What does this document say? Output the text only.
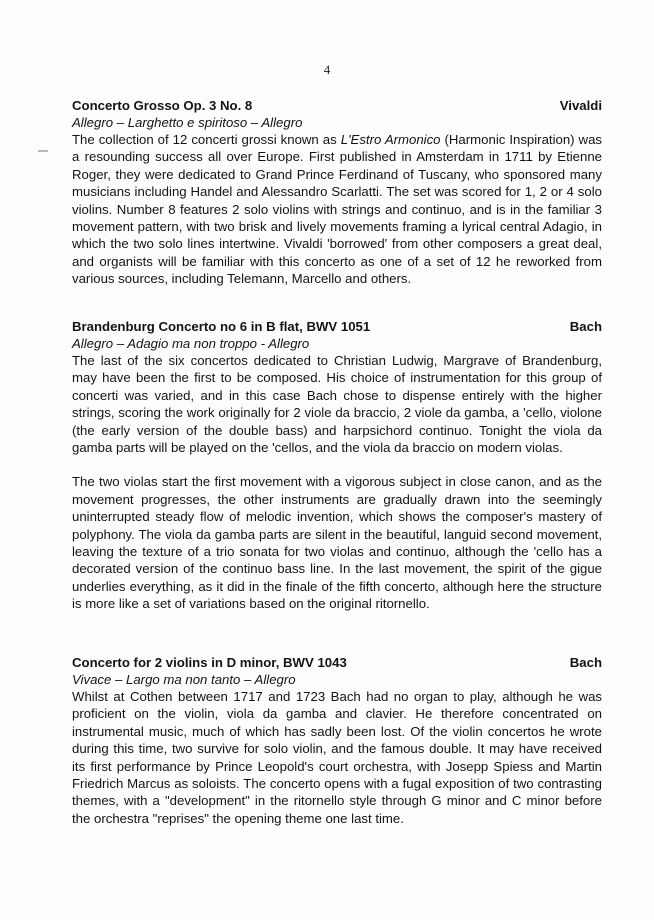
4
Concerto Grosso Op. 3 No. 8	Vivaldi
Allegro – Larghetto e spiritoso – Allegro

The collection of 12 concerti grossi known as L'Estro Armonico (Harmonic Inspiration) was a resounding success all over Europe. First published in Amsterdam in 1711 by Etienne Roger, they were dedicated to Grand Prince Ferdinand of Tuscany, who sponsored many musicians including Handel and Alessandro Scarlatti. The set was scored for 1, 2 or 4 solo violins. Number 8 features 2 solo violins with strings and continuo, and is in the familiar 3 movement pattern, with two brisk and lively movements framing a lyrical central Adagio, in which the two solo lines intertwine. Vivaldi 'borrowed' from other composers a great deal, and organists will be familiar with this concerto as one of a set of 12 he reworked from various sources, including Telemann, Marcello and others.

Brandenburg Concerto no 6 in B flat, BWV 1051	Bach
Allegro – Adagio ma non troppo - Allegro

The last of the six concertos dedicated to Christian Ludwig, Margrave of Brandenburg, may have been the first to be composed. His choice of instrumentation for this group of concerti was varied, and in this case Bach chose to dispense entirely with the higher strings, scoring the work originally for 2 viole da braccio, 2 viole da gamba, a 'cello, violone (the early version of the double bass) and harpsichord continuo. Tonight the viola da gamba parts will be played on the 'cellos, and the viola da braccio on modern violas.

The two violas start the first movement with a vigorous subject in close canon, and as the movement progresses, the other instruments are gradually drawn into the seemingly uninterrupted steady flow of melodic invention, which shows the composer's mastery of polyphony. The viola da gamba parts are silent in the beautiful, languid second movement, leaving the texture of a trio sonata for two violas and continuo, although the 'cello has a decorated version of the continuo bass line. In the last movement, the spirit of the gigue underlies everything, as it did in the finale of the fifth concerto, although here the structure is more like a set of variations based on the original ritornello.

Concerto for 2 violins in D minor, BWV 1043	Bach
Vivace – Largo ma non tanto – Allegro

Whilst at Cothen between 1717 and 1723 Bach had no organ to play, although he was proficient on the violin, viola da gamba and clavier. He therefore concentrated on instrumental music, much of which has sadly been lost. Of the violin concertos he wrote during this time, two survive for solo violin, and the famous double. It may have received its first performance by Prince Leopold's court orchestra, with Josepp Spiess and Martin Friedrich Marcus as soloists. The concerto opens with a fugal exposition of two contrasting themes, with a "development" in the ritornello style through G minor and C minor before the orchestra "reprises" the opening theme one last time.
